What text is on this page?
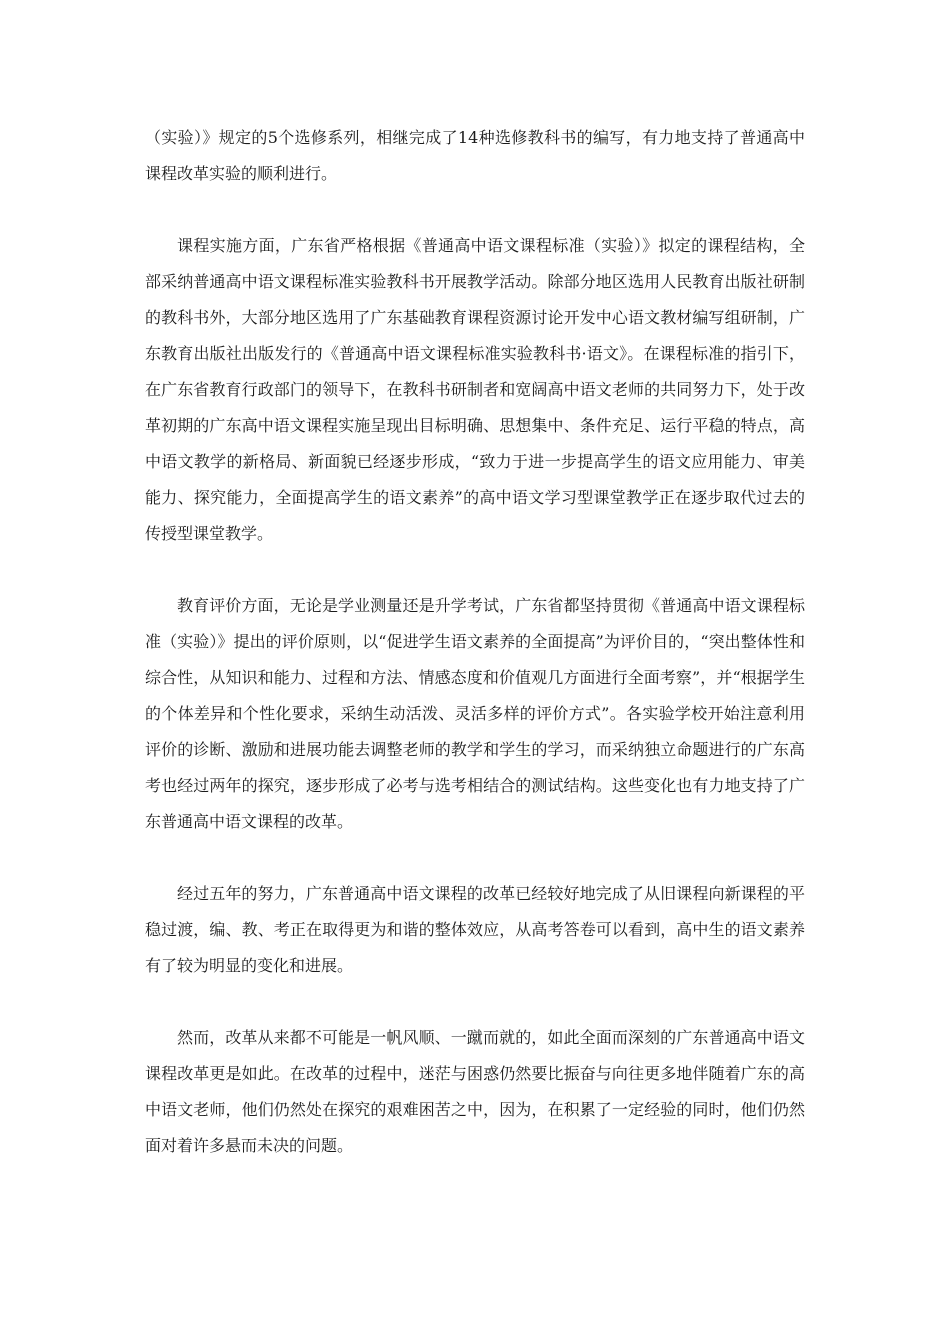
（实验）》规定的5个选修系列，相继完成了14种选修教科书的编写，有力地支持了普通高中课程改革实验的顺利进行。

课程实施方面，广东省严格根据《普通高中语文课程标准（实验）》拟定的课程结构，全部采纳普通高中语文课程标准实验教科书开展教学活动。除部分地区选用人民教育出版社研制的教科书外，大部分地区选用了广东基础教育课程资源讨论开发中心语文教材编写组研制，广东教育出版社出版发行的《普通高中语文课程标准实验教科书·语文》。在课程标准的指引下，在广东省教育行政部门的领导下，在教科书研制者和宽阔高中语文老师的共同努力下，处于改革初期的广东高中语文课程实施呈现出目标明确、思想集中、条件充足、运行平稳的特点，高中语文教学的新格局、新面貌已经逐步形成，“致力于进一步提高学生的语文应用能力、审美能力、探究能力，全面提高学生的语文素养”的高中语文学习型课堂教学正在逐步取代过去的传授型课堂教学。

教育评价方面，无论是学业测量还是升学考试，广东省都坚持贯彻《普通高中语文课程标准（实验）》提出的评价原则，以“促进学生语文素养的全面提高”为评价目的，“突出整体性和综合性，从知识和能力、过程和方法、情感态度和价值观几方面进行全面考察”，并“根据学生的个体差异和个性化要求，采纳生动活泼、灵活多样的评价方式”。各实验学校开始注意利用评价的诊断、激励和进展功能去调整老师的教学和学生的学习，而采纳独立命题进行的广东高考也经过两年的探究，逐步形成了必考与选考相结合的测试结构。这些变化也有力地支持了广东普通高中语文课程的改革。

经过五年的努力，广东普通高中语文课程的改革已经较好地完成了从旧课程向新课程的平稳过渡，编、教、考正在取得更为和谐的整体效应，从高考答卷可以看到，高中生的语文素养有了较为明显的变化和进展。

然而，改革从来都不可能是一帆风顺、一蹴而就的，如此全面而深刻的广东普通高中语文课程改革更是如此。在改革的过程中，迷茫与困惑仍然要比振奋与向往更多地伴随着广东的高中语文老师，他们仍然处在探究的艰难困苦之中，因为，在积累了一定经验的同时，他们仍然面对着许多悬而未决的问题。
